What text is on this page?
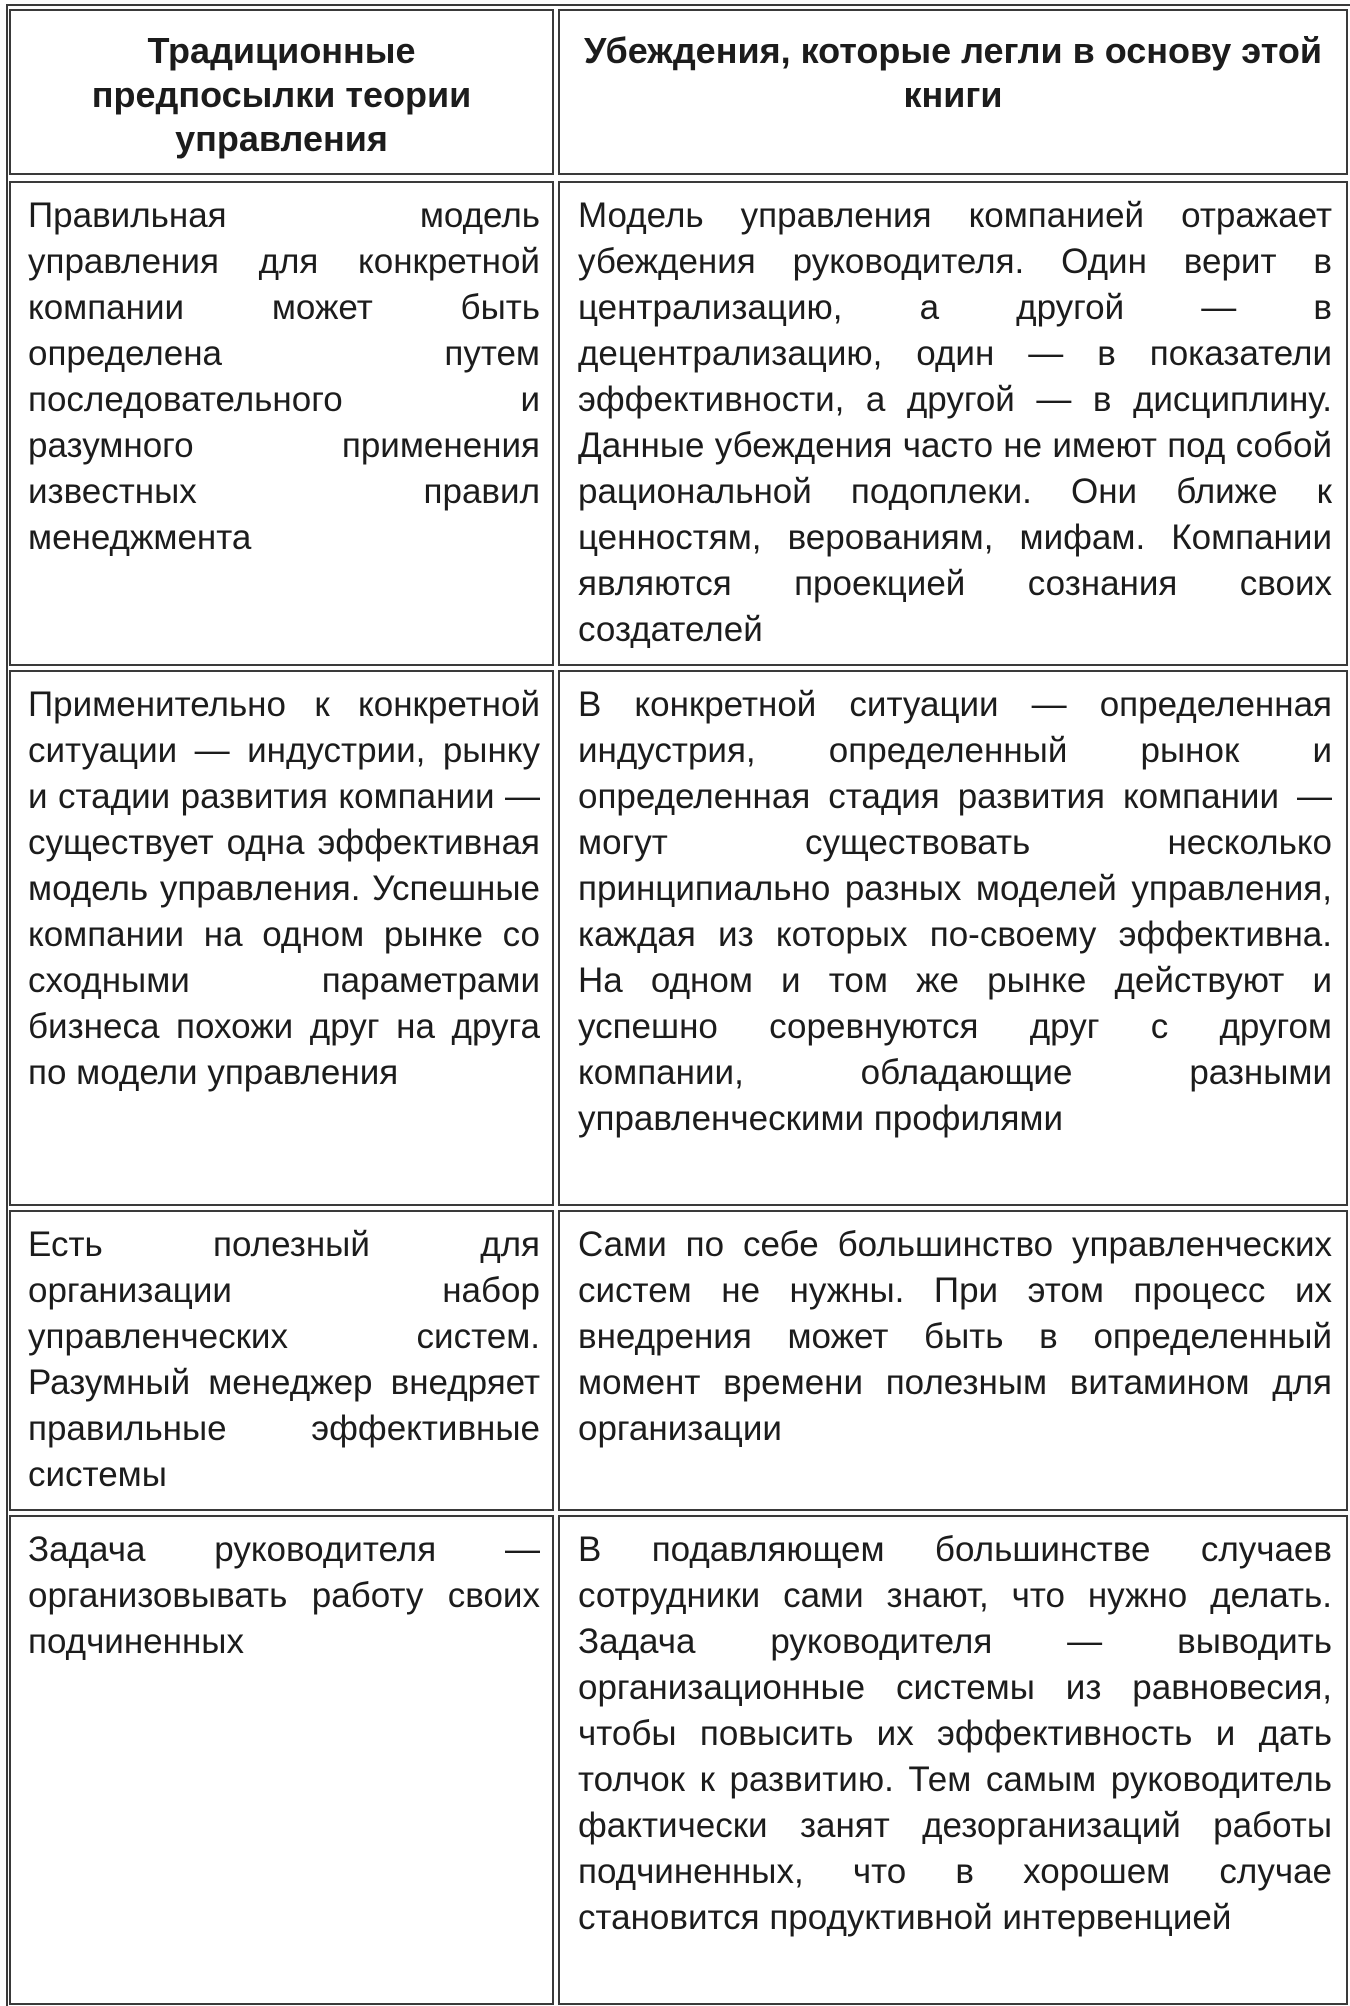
Традиционные предпосылки теории управления
Убеждения, которые легли в основу этой книги
Правильная модель управления для конкретной компании может быть определена путем последовательного и разумного применения известных правил менеджмента
Модель управления компанией отражает убеждения руководителя. Один верит в централизацию, а другой — в децентрализацию, один — в показатели эффективности, а другой — в дисциплину. Данные убеждения часто не имеют под собой рациональной подоплеки. Они ближе к ценностям, верованиям, мифам. Компании являются проекцией сознания своих создателей
Применительно к конкретной ситуации — индустрии, рынку и стадии развития компании — существует одна эффективная модель управления. Успешные компании на одном рынке со сходными параметрами бизнеса похожи друг на друга по модели управления
В конкретной ситуации — определенная индустрия, определенный рынок и определенная стадия развития компании — могут существовать несколько принципиально разных моделей управления, каждая из которых по-своему эффективна. На одном и том же рынке действуют и успешно соревнуются друг с другом компании, обладающие разными управленческими профилями
Есть полезный для организации набор управленческих систем. Разумный менеджер внедряет правильные эффективные системы
Сами по себе большинство управленческих систем не нужны. При этом процесс их внедрения может быть в определенный момент времени полезным витамином для организации
Задача руководителя — организовывать работу своих подчиненных
В подавляющем большинстве случаев сотрудники сами знают, что нужно делать. Задача руководителя — выводить организационные системы из равновесия, чтобы повысить их эффективность и дать толчок к развитию. Тем самым руководитель фактически занят дезорганизаций работы подчиненных, что в хорошем случае становится продуктивной интервенцией
